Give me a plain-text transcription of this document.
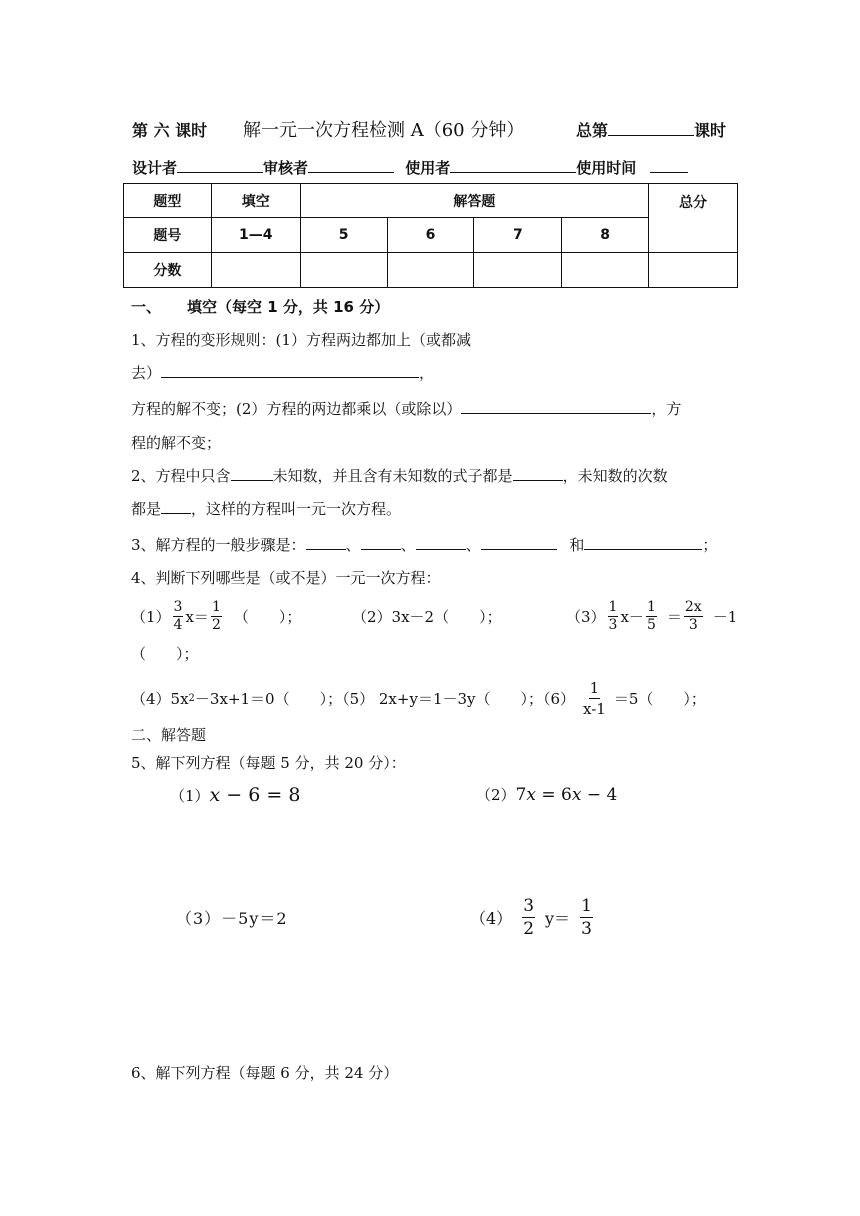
第 六 课时 解一元一次方程检测 A（60 分钟）	总第	课时
设计者	审核者	使用者	使用时间
题型	填空	解答题				总分
题号	1—4	5	6	7	8	
分数						
一、 填空（每空 1 分，共 16 分）
1、方程的变形规则：(1）方程两边都加上（或都减
去）	，
方程的解不变；(2）方程的两边都乘以（或除以）	，方
程的解不变；
2、方程中只含	未知数，并且含有未知数的式子都是	，未知数的次数
都是 ，这样的方程叫一元一次方程。
3、解方程的一般步骤是：	、	、	、	和	；
4、判断下列哪些是（或不是）一元一次方程：
$(1) \frac{3}{4} x= \frac{1}{2}$ （　　）；	（2）3x－2（　　）；	$(3) \frac{1}{3} x- \frac{1}{5} = \frac{2x}{3} -1$
（　　）；
（4）5x 2 －3x+1＝0（　　）；（5） 2x+y＝1－3y（　　）；$(6) \frac{1}{x-1} =5$（　　）；
二、解答题
5、解下列方程（每题 5 分，共 20 分）：
（1） x − 6 = 8	（2） 7x = 6x − 4
（3）－5y＝2	$(4) \frac{3}{2} y= \frac{1}{3}$
6、解下列方程（每题 6 分，共 24 分）
